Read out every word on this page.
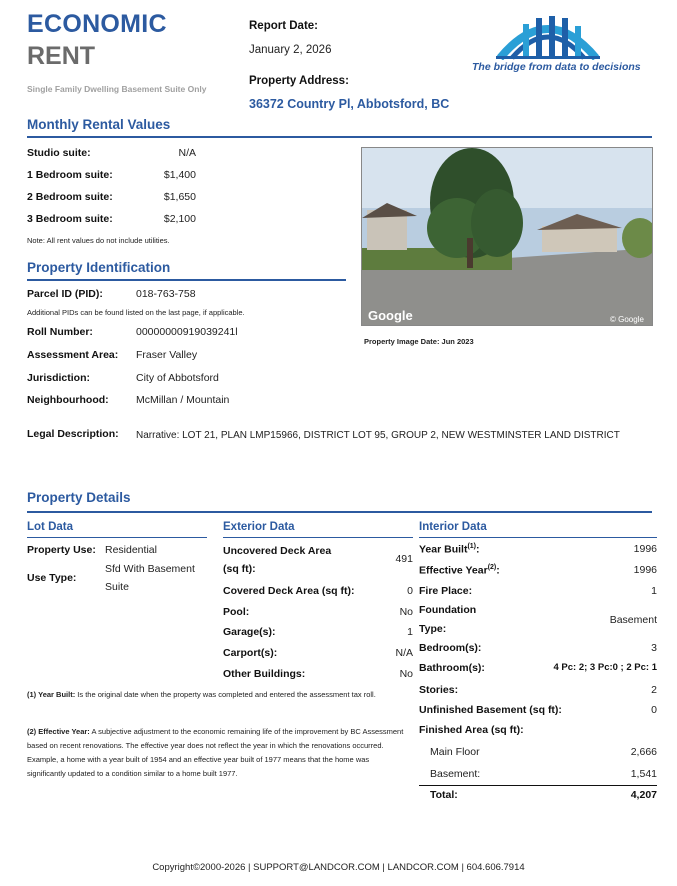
ECONOMIC
RENT
Single Family Dwelling Basement Suite Only
Report Date:
January 2, 2026
Property Address:
36372 Country Pl, Abbotsford, BC
The bridge from data to decisions
Monthly Rental Values
Studio suite:	N/A
1 Bedroom suite:	$1,400
2 Bedroom suite:	$1,650
3 Bedroom suite:	$2,100
Note: All rent values do not include utilities.
Google	© Google
Property Image Date: Jun 2023
Property Identification
Parcel ID (PID):	018-763-758
Additional PIDs can be found listed on the last page, if applicable.
Roll Number:	00000000919039241l
Assessment Area: Fraser Valley
Jurisdiction:	City of Abbotsford
Neighbourhood:	McMillan / Mountain
Legal Description: Narrative: LOT 21, PLAN LMP15966, DISTRICT LOT 95, GROUP 2, NEW WESTMINSTER LAND DISTRICT
Property Details
Lot Data
Property Use: Residential
Use Type:
Sfd With Basement
Suite
(1) Year Built: Is the original date when the property was completed and entered the assessment tax roll.
(2) Effective Year: A subjective adjustment to the economic remaining life of the improvement by BC Assessment based on recent renovations. The effective year does not reflect the year in which the renovations occurred. Example, a home with a year built of 1954 and an effective year built of 1977 means that the home was significantly updated to a condition similar to a home built 1977.
Exterior Data
Uncovered Deck Area
(sq ft):
491
Covered Deck Area (sq ft):	0
Pool:	No
Garage(s):	1
Carport(s):	N/A
Other Buildings:	No
Interior Data
Year Built$^{(1)}$:	1996
Effective Year$^{(2)}$:	1996
Fire Place:	1
Foundation
Type:
Basement
Bedroom(s):	3
Bathroom(s):	4 Pc: 2; 3 Pc:0 ; 2 Pc: 1
Stories:	2
Unfinished Basement (sq ft):	0
Finished Area (sq ft):
Main Floor	2,666
Basement:	1,541
Total:	4,207
Copyright©2000-2026 | SUPPORT@LANDCOR.COM | LANDCOR.COM | 604.606.7914
